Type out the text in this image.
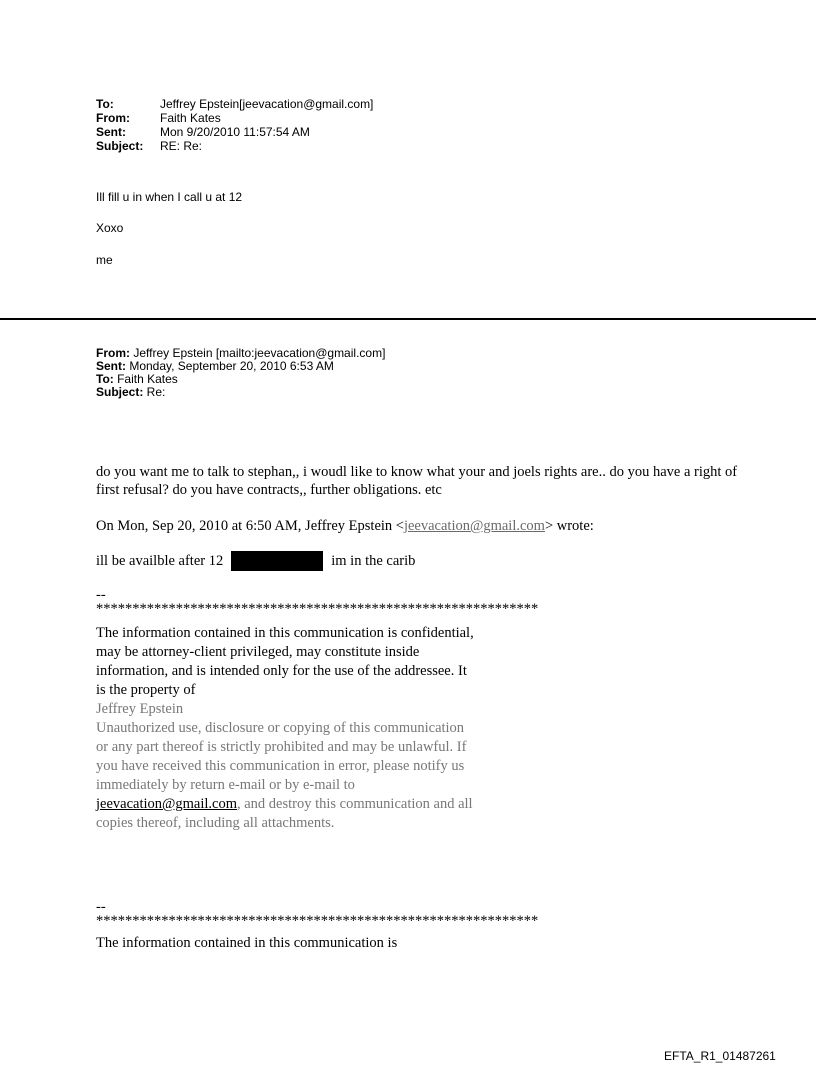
To:	Jeffrey Epstein[jeevacation@gmail.com]
From:	Faith Kates
Sent:	Mon 9/20/2010 11:57:54 AM
Subject:	RE: Re:
Ill fill u in when I call u at 12
Xoxo
me
From: Jeffrey Epstein [mailto:jeevacation@gmail.com]
Sent: Monday, September 20, 2010 6:53 AM
To: Faith Kates
Subject: Re:
do you want me to talk to stephan,, i woudl like to know what your and joels rights are.. do you have a right of first refusal? do you have contracts,, further obligations. etc
On Mon, Sep 20, 2010 at 6:50 AM, Jeffrey Epstein <jeevacation@gmail.com> wrote:
ill be availble after 12	im in the carib
--
*************************************************************
The information contained in this communication is confidential, may be attorney-client privileged, may constitute inside information, and is intended only for the use of the addressee. It is the property of
Jeffrey Epstein
Unauthorized use, disclosure or copying of this communication or any part thereof is strictly prohibited and may be unlawful. If you have received this communication in error, please notify us immediately by return e-mail or by e-mail to jeevacation@gmail.com, and destroy this communication and all copies thereof, including all attachments.
--
*************************************************************
The information contained in this communication is
EFTA_R1_01487261
